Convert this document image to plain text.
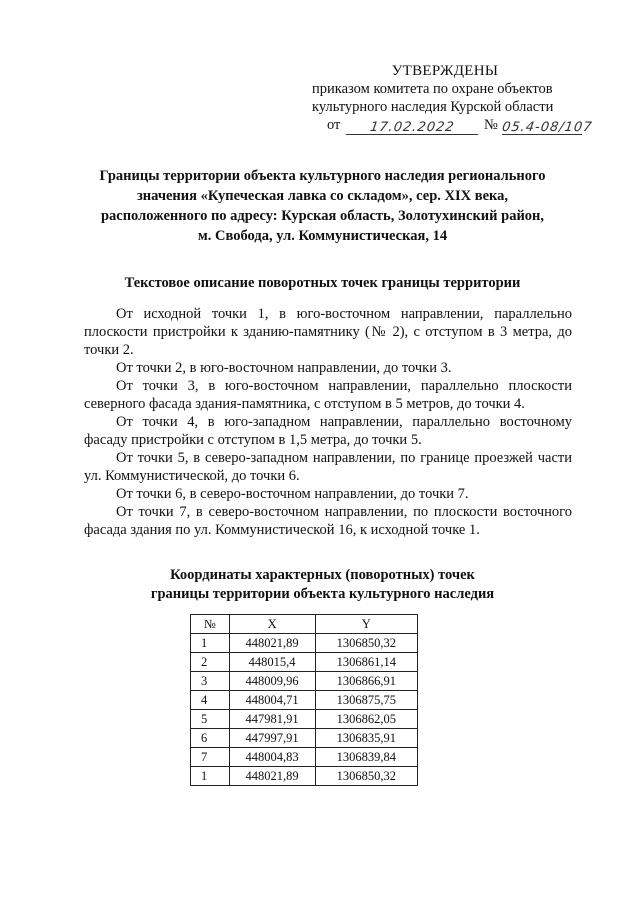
УТВЕРЖДЕНЫ
приказом комитета по охране объектов
культурного наследия Курской области
от	17.02.2022	№ 05.4-08/107
Границы территории объекта культурного наследия регионального
значения «Купеческая лавка со складом», сер. XIX века,
расположенного по адресу: Курская область, Золотухинский район,
м. Свобода, ул. Коммунистическая, 14
Текстовое описание поворотных точек границы территории

От исходной точки 1, в юго-восточном направлении, параллельно плоскости пристройки к зданию-памятнику (№ 2), с отступом в 3 метра, до точки 2.

От точки 2, в юго-восточном направлении, до точки 3.

От точки 3, в юго-восточном направлении, параллельно плоскости северного фасада здания-памятника, с отступом в 5 метров, до точки 4.

От точки 4, в юго-западном направлении, параллельно восточному фасаду пристройки с отступом в 1,5 метра, до точки 5.

От точки 5, в северо-западном направлении, по границе проезжей части ул. Коммунистической, до точки 6.

От точки 6, в северо-восточном направлении, до точки 7.

От точки 7, в северо-восточном направлении, по плоскости восточного фасада здания по ул. Коммунистической 16, к исходной точке 1.

Координаты характерных (поворотных) точек
границы территории объекта культурного наследия
№	X	Y
1	448021,89	1306850,32
2	448015,4	1306861,14
3	448009,96	1306866,91
4	448004,71	1306875,75
5	447981,91	1306862,05
6	447997,91	1306835,91
7	448004,83	1306839,84
1	448021,89	1306850,32
